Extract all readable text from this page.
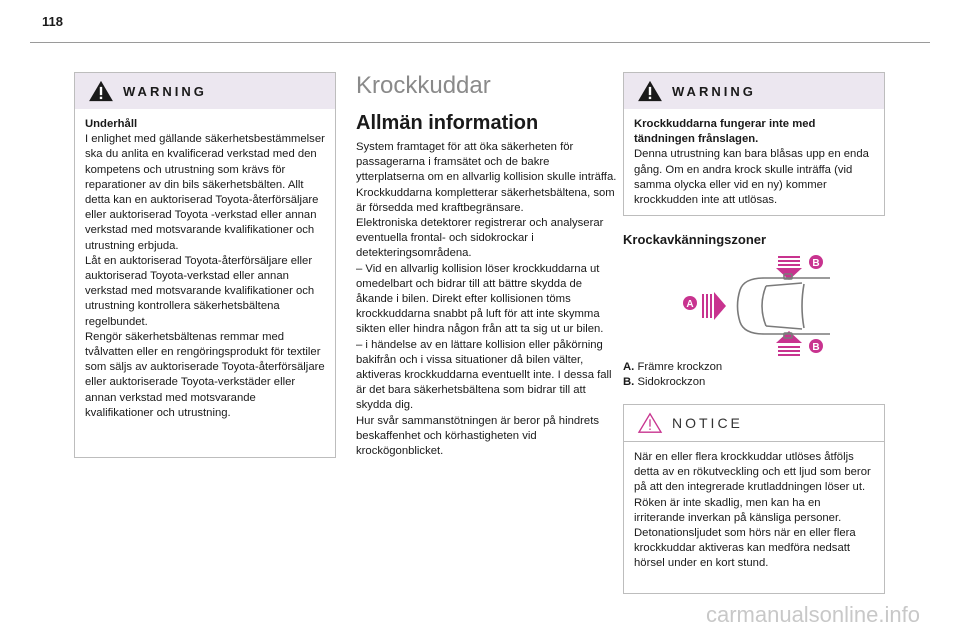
118
WARNING

Underhåll

I enlighet med gällande säkerhetsbestämmelser ska du anlita en kvalificerad verkstad med den kompetens och utrustning som krävs för reparationer av din bils säkerhetsbälten. Allt detta kan en auktoriserad Toyota-återförsäljare eller auktoriserad Toyota -verkstad eller annan verkstad med motsvarande kvalifikationer och utrustning erbjuda.

Låt en auktoriserad Toyota-återförsäljare eller auktoriserad Toyota-verkstad eller annan verkstad med motsvarande kvalifikationer och utrustning kontrollera säkerhetsbältena regelbundet.

Rengör säkerhetsbältenas remmar med tvålvatten eller en rengöringsprodukt för textiler som säljs av auktoriserade Toyota-återförsäljare eller auktoriserade Toyota-verkstäder eller annan verkstad med motsvarande kvalifikationer och utrustning.

Krockkuddar
Allmän information

System framtaget för att öka säkerheten för passagerarna i framsätet och de bakre ytterplatserna om en allvarlig kollision skulle inträffa. Krockkuddarna kompletterar säkerhetsbältena, som är försedda med kraftbegränsare.

Elektroniska detektorer registrerar och analyserar eventuella frontal- och sidokrockar i detekteringsområdena.

– Vid en allvarlig kollision löser krockkuddarna ut omedelbart och bidrar till att bättre skydda de åkande i bilen. Direkt efter kollisionen töms krockkuddarna snabbt på luft för att inte skymma sikten eller hindra någon från att ta sig ut ur bilen.

– i händelse av en lättare kollision eller påkörning bakifrån och i vissa situationer då bilen välter, aktiveras krockkuddarna eventuellt inte. I dessa fall är det bara säkerhetsbältena som bidrar till att skydda dig.

Hur svår sammanstötningen är beror på hindrets beskaffenhet och körhastigheten vid krockögonblicket.

WARNING

Krockkuddarna fungerar inte med tändningen frånslagen.

Denna utrustning kan bara blåsas upp en enda gång. Om en andra krock skulle inträffa (vid samma olycka eller vid en ny) kommer krockkudden inte att utlösas.

Krockavkänningszoner
B
B
A
A. Främre krockzon
B. Sidokrockzon
NOTICE

När en eller flera krockkuddar utlöses åtföljs detta av en rökutveckling och ett ljud som beror på att den integrerade krutladdningen löser ut.

Röken är inte skadlig, men kan ha en irriterande inverkan på känsliga personer.

Detonationsljudet som hörs när en eller flera krockkuddar aktiveras kan medföra nedsatt hörsel under en kort stund.

carmanualsonline.info
